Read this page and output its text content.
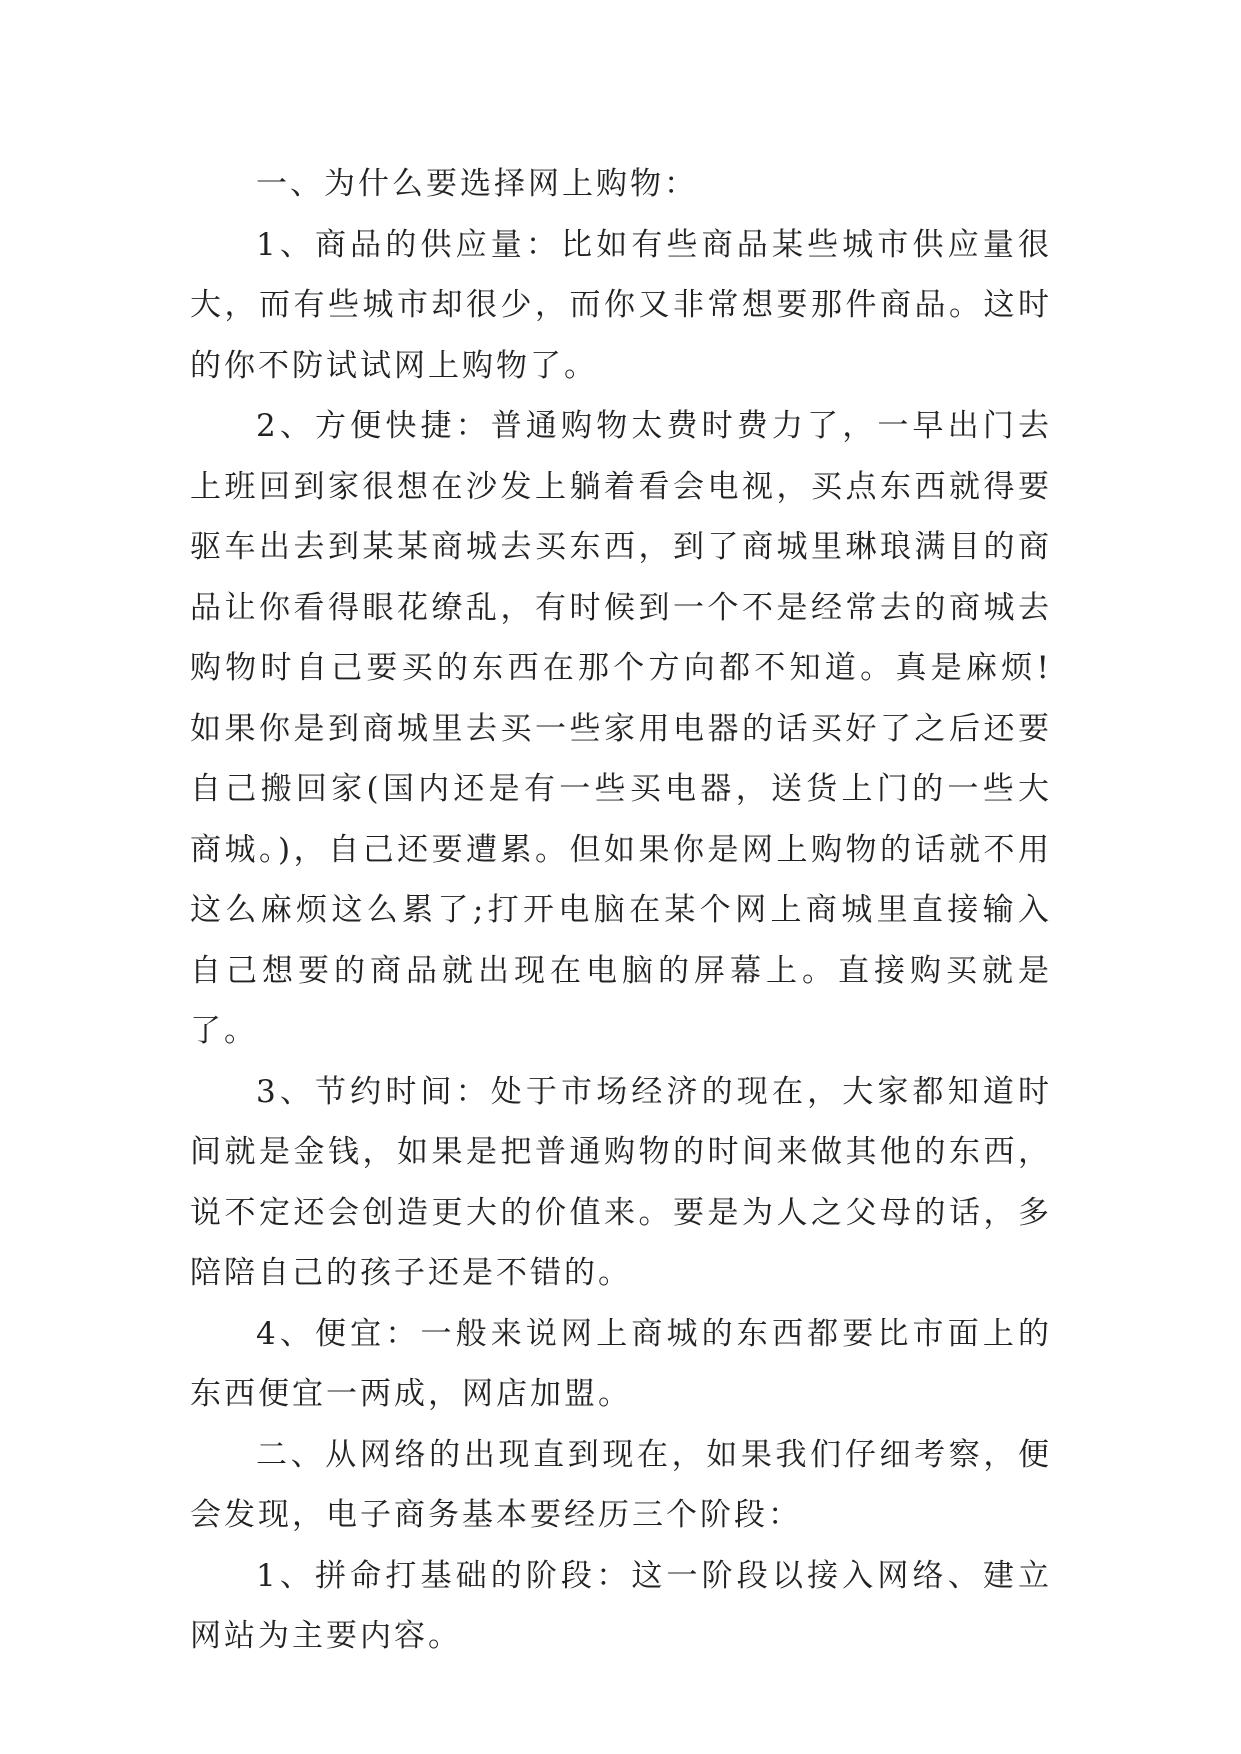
一、为什么要选择网上购物：

1、商品的供应量：比如有些商品某些城市供应量很大，而有些城市却很少，而你又非常想要那件商品。这时的你不防试试网上购物了。

2、方便快捷：普通购物太费时费力了，一早出门去上班回到家很想在沙发上躺着看会电视，买点东西就得要驱车出去到某某商城去买东西，到了商城里琳琅满目的商品让你看得眼花缭乱，有时候到一个不是经常去的商城去购物时自己要买的东西在那个方向都不知道。真是麻烦!如果你是到商城里去买一些家用电器的话买好了之后还要自己搬回家(国内还是有一些买电器，送货上门的一些大商城。)，自己还要遭累。但如果你是网上购物的话就不用这么麻烦这么累了;打开电脑在某个网上商城里直接输入自己想要的商品就出现在电脑的屏幕上。直接购买就是了。

3、节约时间：处于市场经济的现在，大家都知道时间就是金钱，如果是把普通购物的时间来做其他的东西，说不定还会创造更大的价值来。要是为人之父母的话，多陪陪自己的孩子还是不错的。

4、便宜：一般来说网上商城的东西都要比市面上的东西便宜一两成，网店加盟。

二、从网络的出现直到现在，如果我们仔细考察，便会发现，电子商务基本要经历三个阶段：

1、拼命打基础的阶段：这一阶段以接入网络、建立网站为主要内容。
